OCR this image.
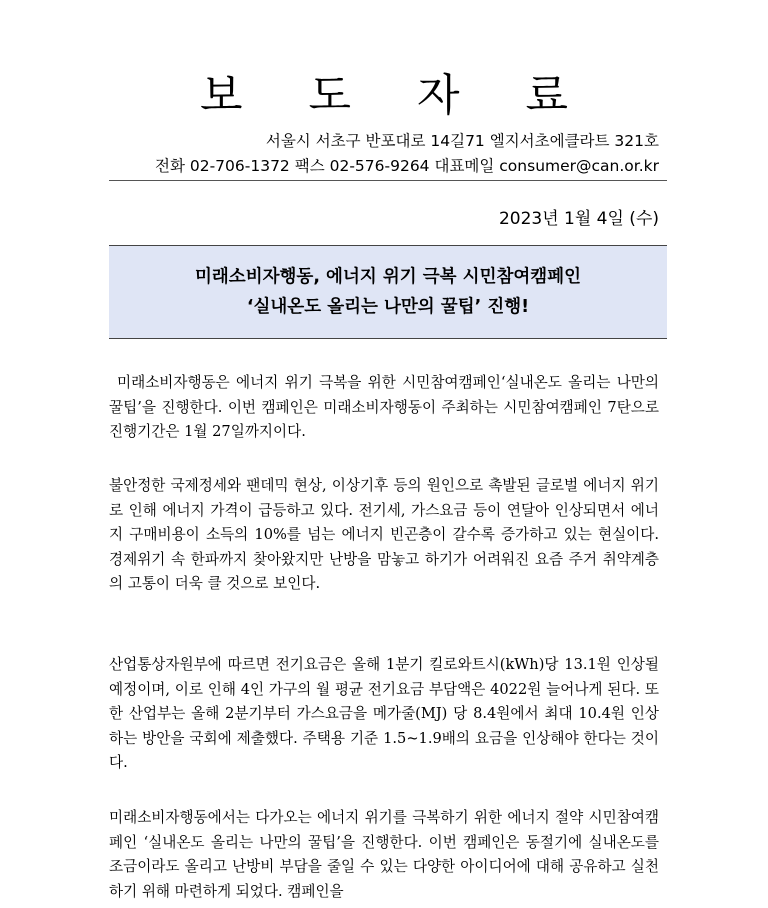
보 도 자 료
서울시 서초구 반포대로 14길71 엘지서초에클라트 321호
전화 02-706-1372 팩스 02-576-9264 대표메일 consumer@can.or.kr
2023년 1월 4일 (수)
미래소비자행동, 에너지 위기 극복 시민참여캠페인
‘실내온도 올리는 나만의 꿀팁’ 진행!

미래소비자행동은 에너지 위기 극복을 위한 시민참여캠페인‘실내온도 올리는 나만의 꿀팁’을 진행한다. 이번 캠페인은 미래소비자행동이 주최하는 시민참여캠페인 7탄으로 진행기간은 1월 27일까지이다.

불안정한 국제정세와 팬데믹 현상, 이상기후 등의 원인으로 촉발된 글로벌 에너지 위기로 인해 에너지 가격이 급등하고 있다. 전기세, 가스요금 등이 연달아 인상되면서 에너지 구매비용이 소득의 10%를 넘는 에너지 빈곤층이 갈수록 증가하고 있는 현실이다. 경제위기 속 한파까지 찾아왔지만 난방을 맘놓고 하기가 어려워진 요즘 주거 취약계층의 고통이 더욱 클 것으로 보인다.

산업통상자원부에 따르면 전기요금은 올해 1분기 킬로와트시(kWh)당 13.1원 인상될 예정이며, 이로 인해 4인 가구의 월 평균 전기요금 부담액은 4022원 늘어나게 된다. 또한 산업부는 올해 2분기부터 가스요금을 메가줄(MJ) 당 8.4원에서 최대 10.4원 인상하는 방안을 국회에 제출했다. 주택용 기준 1.5~1.9배의 요금을 인상해야 한다는 것이다.

미래소비자행동에서는 다가오는 에너지 위기를 극복하기 위한 에너지 절약 시민참여캠페인 ‘실내온도 올리는 나만의 꿀팁’을 진행한다. 이번 캠페인은 동절기에 실내온도를 조금이라도 올리고 난방비 부담을 줄일 수 있는 다양한 아이디어에 대해 공유하고 실천하기 위해 마련하게 되었다. 캠페인을
